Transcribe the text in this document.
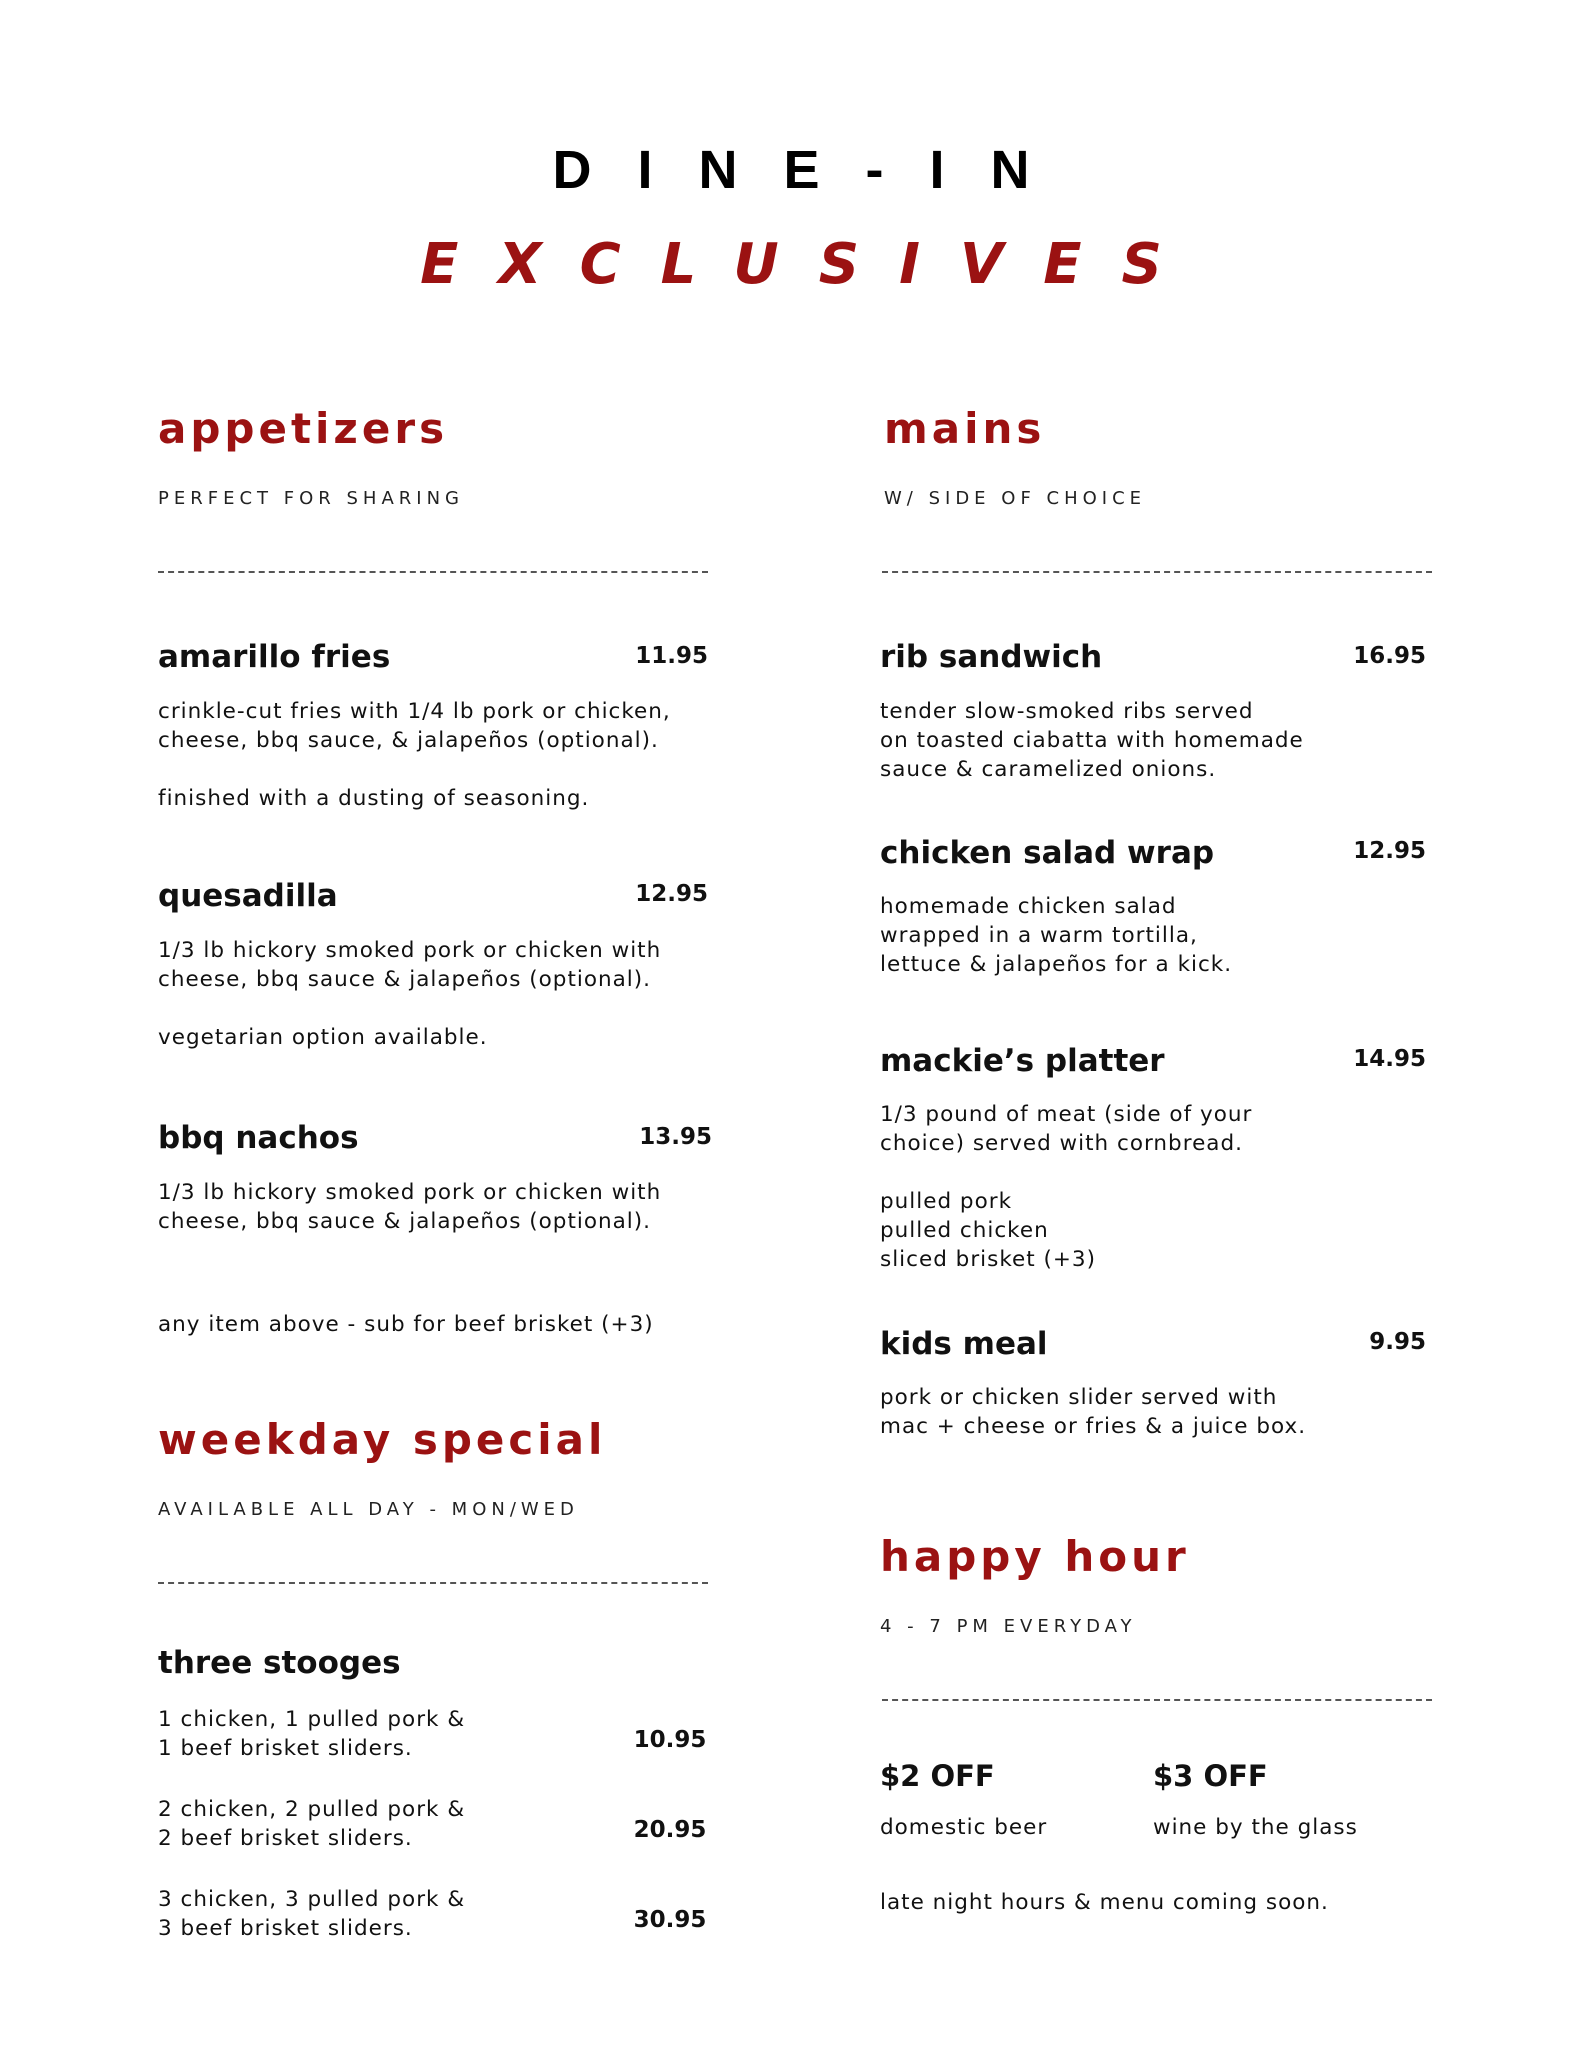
DINE-IN
EXCLUSIVES
appetizers
PERFECT FOR SHARING
amarillo fries	11.95

crinkle-cut fries with 1/4 lb pork or chicken,

cheese, bbq sauce, & jalapeños (optional).

finished with a dusting of seasoning.

quesadilla	12.95

1/3 lb hickory smoked pork or chicken with

cheese, bbq sauce & jalapeños (optional).

vegetarian option available.

bbq nachos	13.95

1/3 lb hickory smoked pork or chicken with

cheese, bbq sauce & jalapeños (optional).

any item above - sub for beef brisket (+3)

weekday special
AVAILABLE ALL DAY - MON/WED
three stooges

1 chicken, 1 pulled pork &

1 beef brisket sliders.	10.95

2 chicken, 2 pulled pork &

2 beef brisket sliders.	20.95

3 chicken, 3 pulled pork &

3 beef brisket sliders.	30.95
mains
W/ SIDE OF CHOICE
rib sandwich	16.95

tender slow-smoked ribs served

on toasted ciabatta with homemade

sauce & caramelized onions.

chicken salad wrap	12.95

homemade chicken salad

wrapped in a warm tortilla,

lettuce & jalapeños for a kick.

mackie’s platter	14.95

1/3 pound of meat (side of your

choice) served with cornbread.

pulled pork

pulled chicken

sliced brisket (+3)

kids meal	9.95

pork or chicken slider served with

mac + cheese or fries & a juice box.

happy hour
4 - 7 PM EVERYDAY
$2 OFF

domestic beer

$3 OFF

wine by the glass

late night hours & menu coming soon.
